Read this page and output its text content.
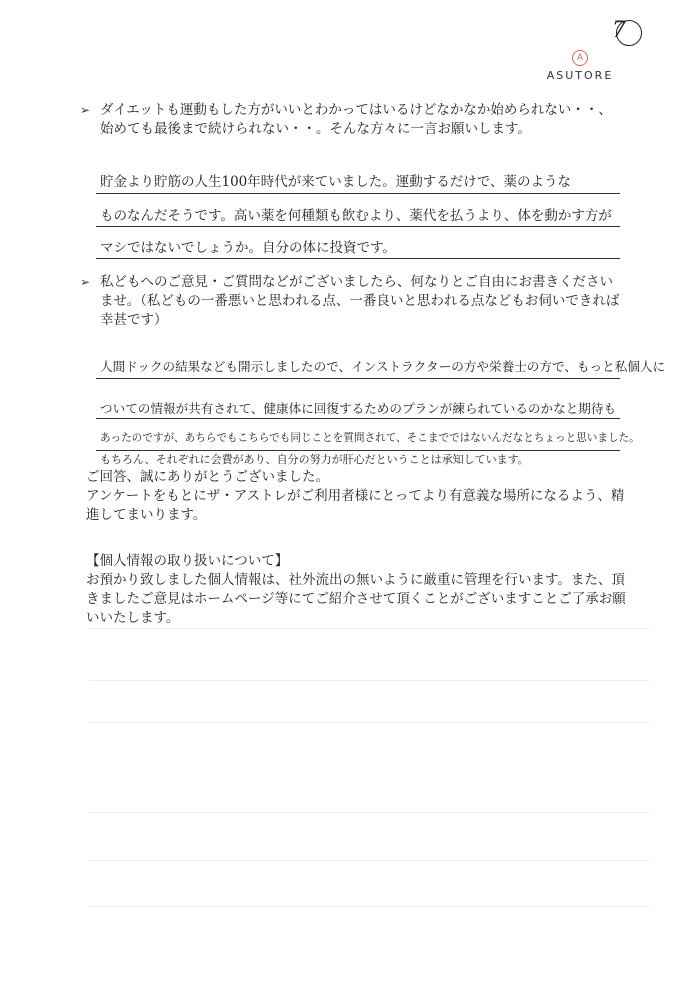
7
A
ASUTORE
➢ ダイエットも運動もした方がいいとわかってはいるけどなかなか始められない・・、始めても最後まで続けられない・・。そんな方々に一言お願いします。
貯金より貯筋の人生100年時代が来ていました。運動するだけで、薬のような
ものなんだそうです。高い薬を何種類も飲むより、薬代を払うより、体を動かす方が
マシではないでしょうか。自分の体に投資です。
➢ 私どもへのご意見・ご質問などがございましたら、何なりとご自由にお書きくださいませ。（私どもの一番悪いと思われる点、一番良いと思われる点などもお伺いできれば幸甚です）
人間ドックの結果なども開示しましたので、インストラクターの方や栄養士の方で、もっと私個人に
ついての情報が共有されて、健康体に回復するためのプランが練られているのかなと期待も
あったのですが、あちらでもこちらでも同じことを質問されて、そこまでではないんだなとちょっと思いました。
もちろん、それぞれに会費があり、自分の努力が肝心だということは承知しています。
ご回答、誠にありがとうございました。
アンケートをもとにザ・アストレがご利用者様にとってより有意義な場所になるよう、精進してまいります。
【個人情報の取り扱いについて】
お預かり致しました個人情報は、社外流出の無いように厳重に管理を行います。また、頂きましたご意見はホームページ等にてご紹介させて頂くことがございますことご了承お願いいたします。
